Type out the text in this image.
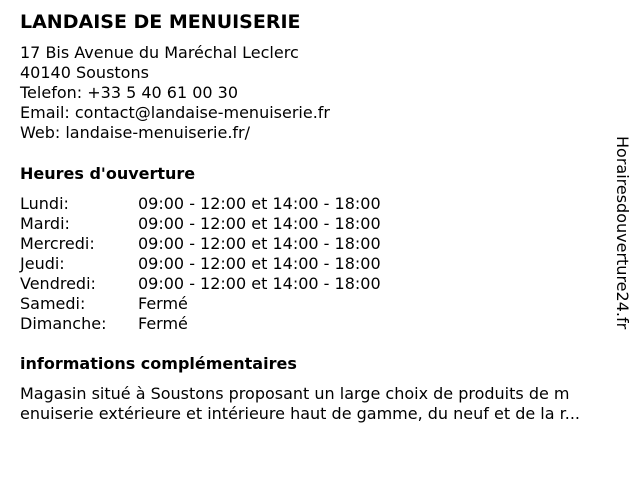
LANDAISE DE MENUISERIE
17 Bis Avenue du Maréchal Leclerc
40140 Soustons
Telefon: +33 5 40 61 00 30
Email: contact@landaise-menuiserie.fr
Web: landaise-menuiserie.fr/
Heures d'ouverture
Lundi:	09:00 - 12:00 et 14:00 - 18:00
Mardi:	09:00 - 12:00 et 14:00 - 18:00
Mercredi:	09:00 - 12:00 et 14:00 - 18:00
Jeudi:	09:00 - 12:00 et 14:00 - 18:00
Vendredi:	09:00 - 12:00 et 14:00 - 18:00
Samedi:	Fermé
Dimanche:	Fermé
informations complémentaires
Magasin situé à Soustons proposant un large choix de produits de m
enuiserie extérieure et intérieure haut de gamme, du neuf et de la r...
Horairesdouverture24.fr
